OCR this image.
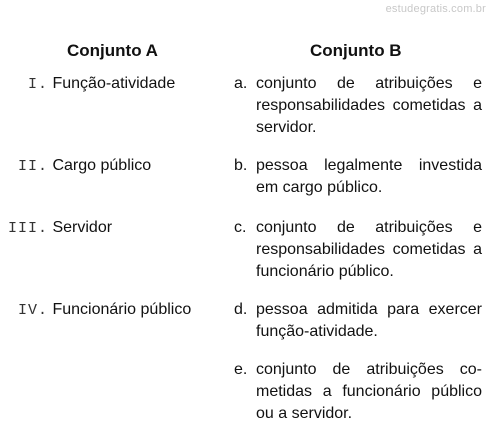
estudegratis.com.br
Conjunto A	Conjunto B
I. Função-atividade
II. Cargo público
III. Servidor
IV. Funcionário público
a. conjunto de atribuições e responsabilidades cometidas a servidor.
b. pessoa legalmente investida em cargo público.
c. conjunto de atribuições e responsabilidades cometidas a funcionário público.
d. pessoa admitida para exercer função-atividade.
e. conjunto de atribuições cometidas a funcionário público ou a servidor.
